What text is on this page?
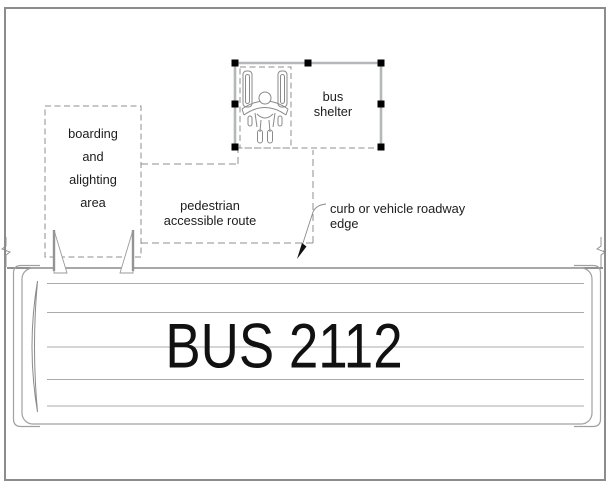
boarding
and
alighting
area
bus
shelter
pedestrian
accessible route
curb or vehicle roadway
edge
BUS 2112
